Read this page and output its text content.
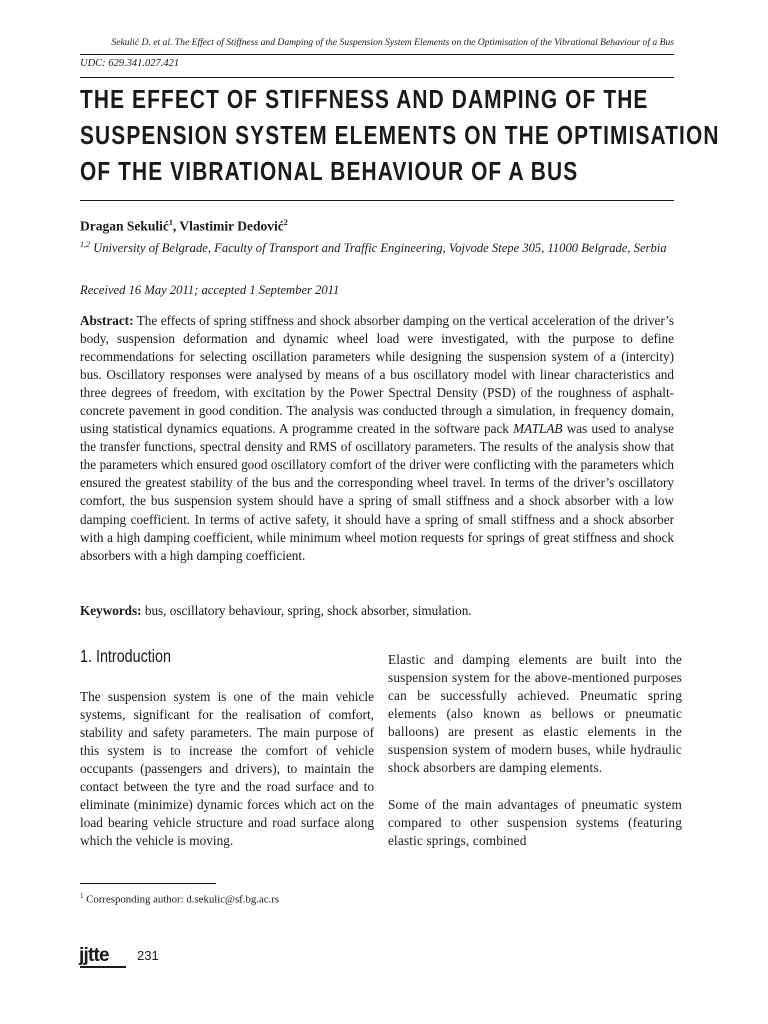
Sekulić D. et al. The Effect of Stiffness and Damping of the Suspension System Elements on the Optimisation of the Vibrational Behaviour of a Bus
UDC: 629.341.027.421
THE EFFECT OF STIFFNESS AND DAMPING OF THE
SUSPENSION SYSTEM ELEMENTS ON THE OPTIMISATION
OF THE VIBRATIONAL BEHAVIOUR OF A BUS
Dragan Sekulić$^1$, Vlastimir Dedović$^2$
$^{1,2}$ University of Belgrade, Faculty of Transport and Traffic Engineering, Vojvode Stepe 305, 11000 Belgrade, Serbia
Received 16 May 2011; accepted 1 September 2011
Abstract: The effects of spring stiffness and shock absorber damping on the vertical acceleration of the driver’s body, suspension deformation and dynamic wheel load were investigated, with the purpose to define recommendations for selecting oscillation parameters while designing the suspension system of a (intercity) bus. Oscillatory responses were analysed by means of a bus oscillatory model with linear characteristics and three degrees of freedom, with excitation by the Power Spectral Density (PSD) of the roughness of asphalt-concrete pavement in good condition. The analysis was conducted through a simulation, in frequency domain, using statistical dynamics equations. A programme created in the software pack MATLAB was used to analyse the transfer functions, spectral density and RMS of oscillatory parameters. The results of the analysis show that the parameters which ensured good oscillatory comfort of the driver were conflicting with the parameters which ensured the greatest stability of the bus and the corresponding wheel travel. In terms of the driver’s oscillatory comfort, the bus suspension system should have a spring of small stiffness and a shock absorber with a low damping coefficient. In terms of active safety, it should have a spring of small stiffness and a shock absorber with a high damping coefficient, while minimum wheel motion requests for springs of great stiffness and shock absorbers with a high damping coefficient.
Keywords: bus, oscillatory behaviour, spring, shock absorber, simulation.
1. Introduction

The suspension system is one of the main vehicle systems, significant for the realisation of comfort, stability and safety parameters. The main purpose of this system is to increase the comfort of vehicle occupants (passengers and drivers), to maintain the contact between the tyre and the road surface and to eliminate (minimize) dynamic forces which act on the load bearing vehicle structure and road surface along which the vehicle is moving.

Elastic and damping elements are built into the suspension system for the above-mentioned purposes can be successfully achieved. Pneumatic spring elements (also known as bellows or pneumatic balloons) are present as elastic elements in the suspension system of modern buses, while hydraulic shock absorbers are damping elements.

Some of the main advantages of pneumatic system compared to other suspension systems (featuring elastic springs, combined

$^1$ Corresponding author: d.sekulic@sf.bg.ac.rs
jjtte 231
